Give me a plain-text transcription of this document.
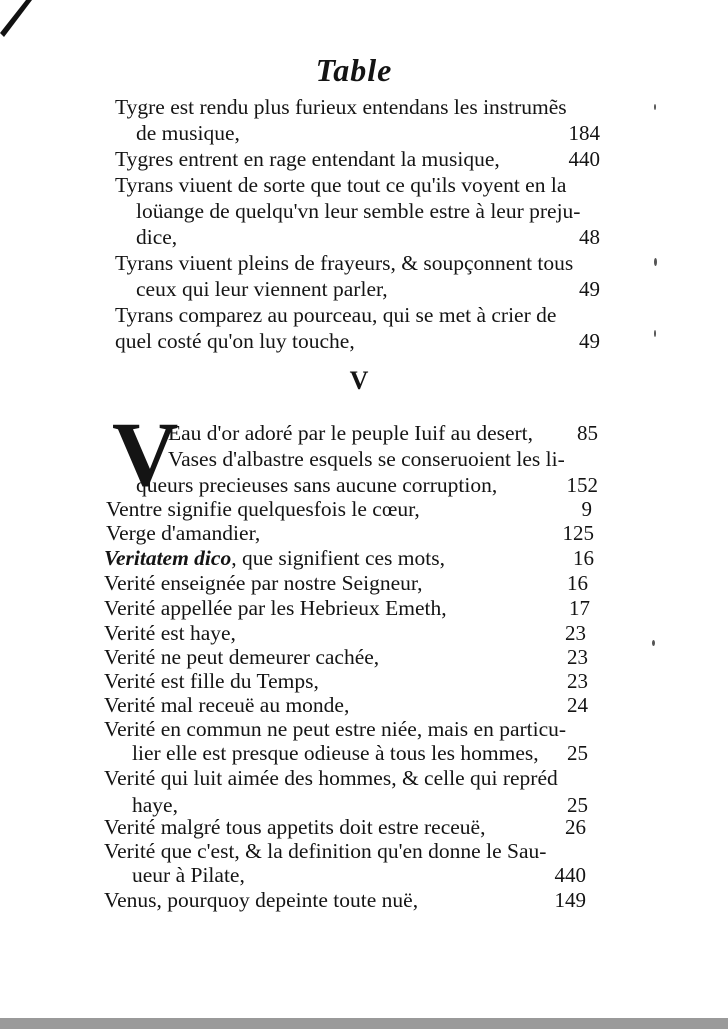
Table
Tygre est rendu plus furieux entendans les instrumẽs
de musique,	184
Tygres entrent en rage entendant la musique,	440
Tyrans viuent de sorte que tout ce qu'ils voyent en la
loüange de quelqu'vn leur semble estre à leur preju-
dice,	48
Tyrans viuent pleins de frayeurs, & soupçonnent tous
ceux qui leur viennent parler,	49
Tyrans comparez au pourceau, qui se met à crier de
quel costé qu'on luy touche,	49
V
V
Eau d'or adoré par le peuple Iuif au desert, 85
Vases d'albastre esquels se conseruoient les li-
queurs precieuses sans aucune corruption,	152
Ventre signifie quelquesfois le cœur,	9
Verge d'amandier,	125
Veritatem dico, que signifient ces mots,	16
Verité enseignée par nostre Seigneur,	16
Verité appellée par les Hebrieux Emeth,	17
Verité est haye,	23
Verité ne peut demeurer cachée,	23
Verité est fille du Temps,	23
Verité mal receuë au monde,	24
Verité en commun ne peut estre niée, mais en particu-
lier elle est presque odieuse à tous les hommes, 25
Verité qui luit aimée des hommes, & celle qui repréd
haye,	25
Verité malgré tous appetits doit estre receuë,	26
Verité que c'est, & la definition qu'en donne le Sau-
ueur à Pilate,	440
Venus, pourquoy depeinte toute nuë,	149
